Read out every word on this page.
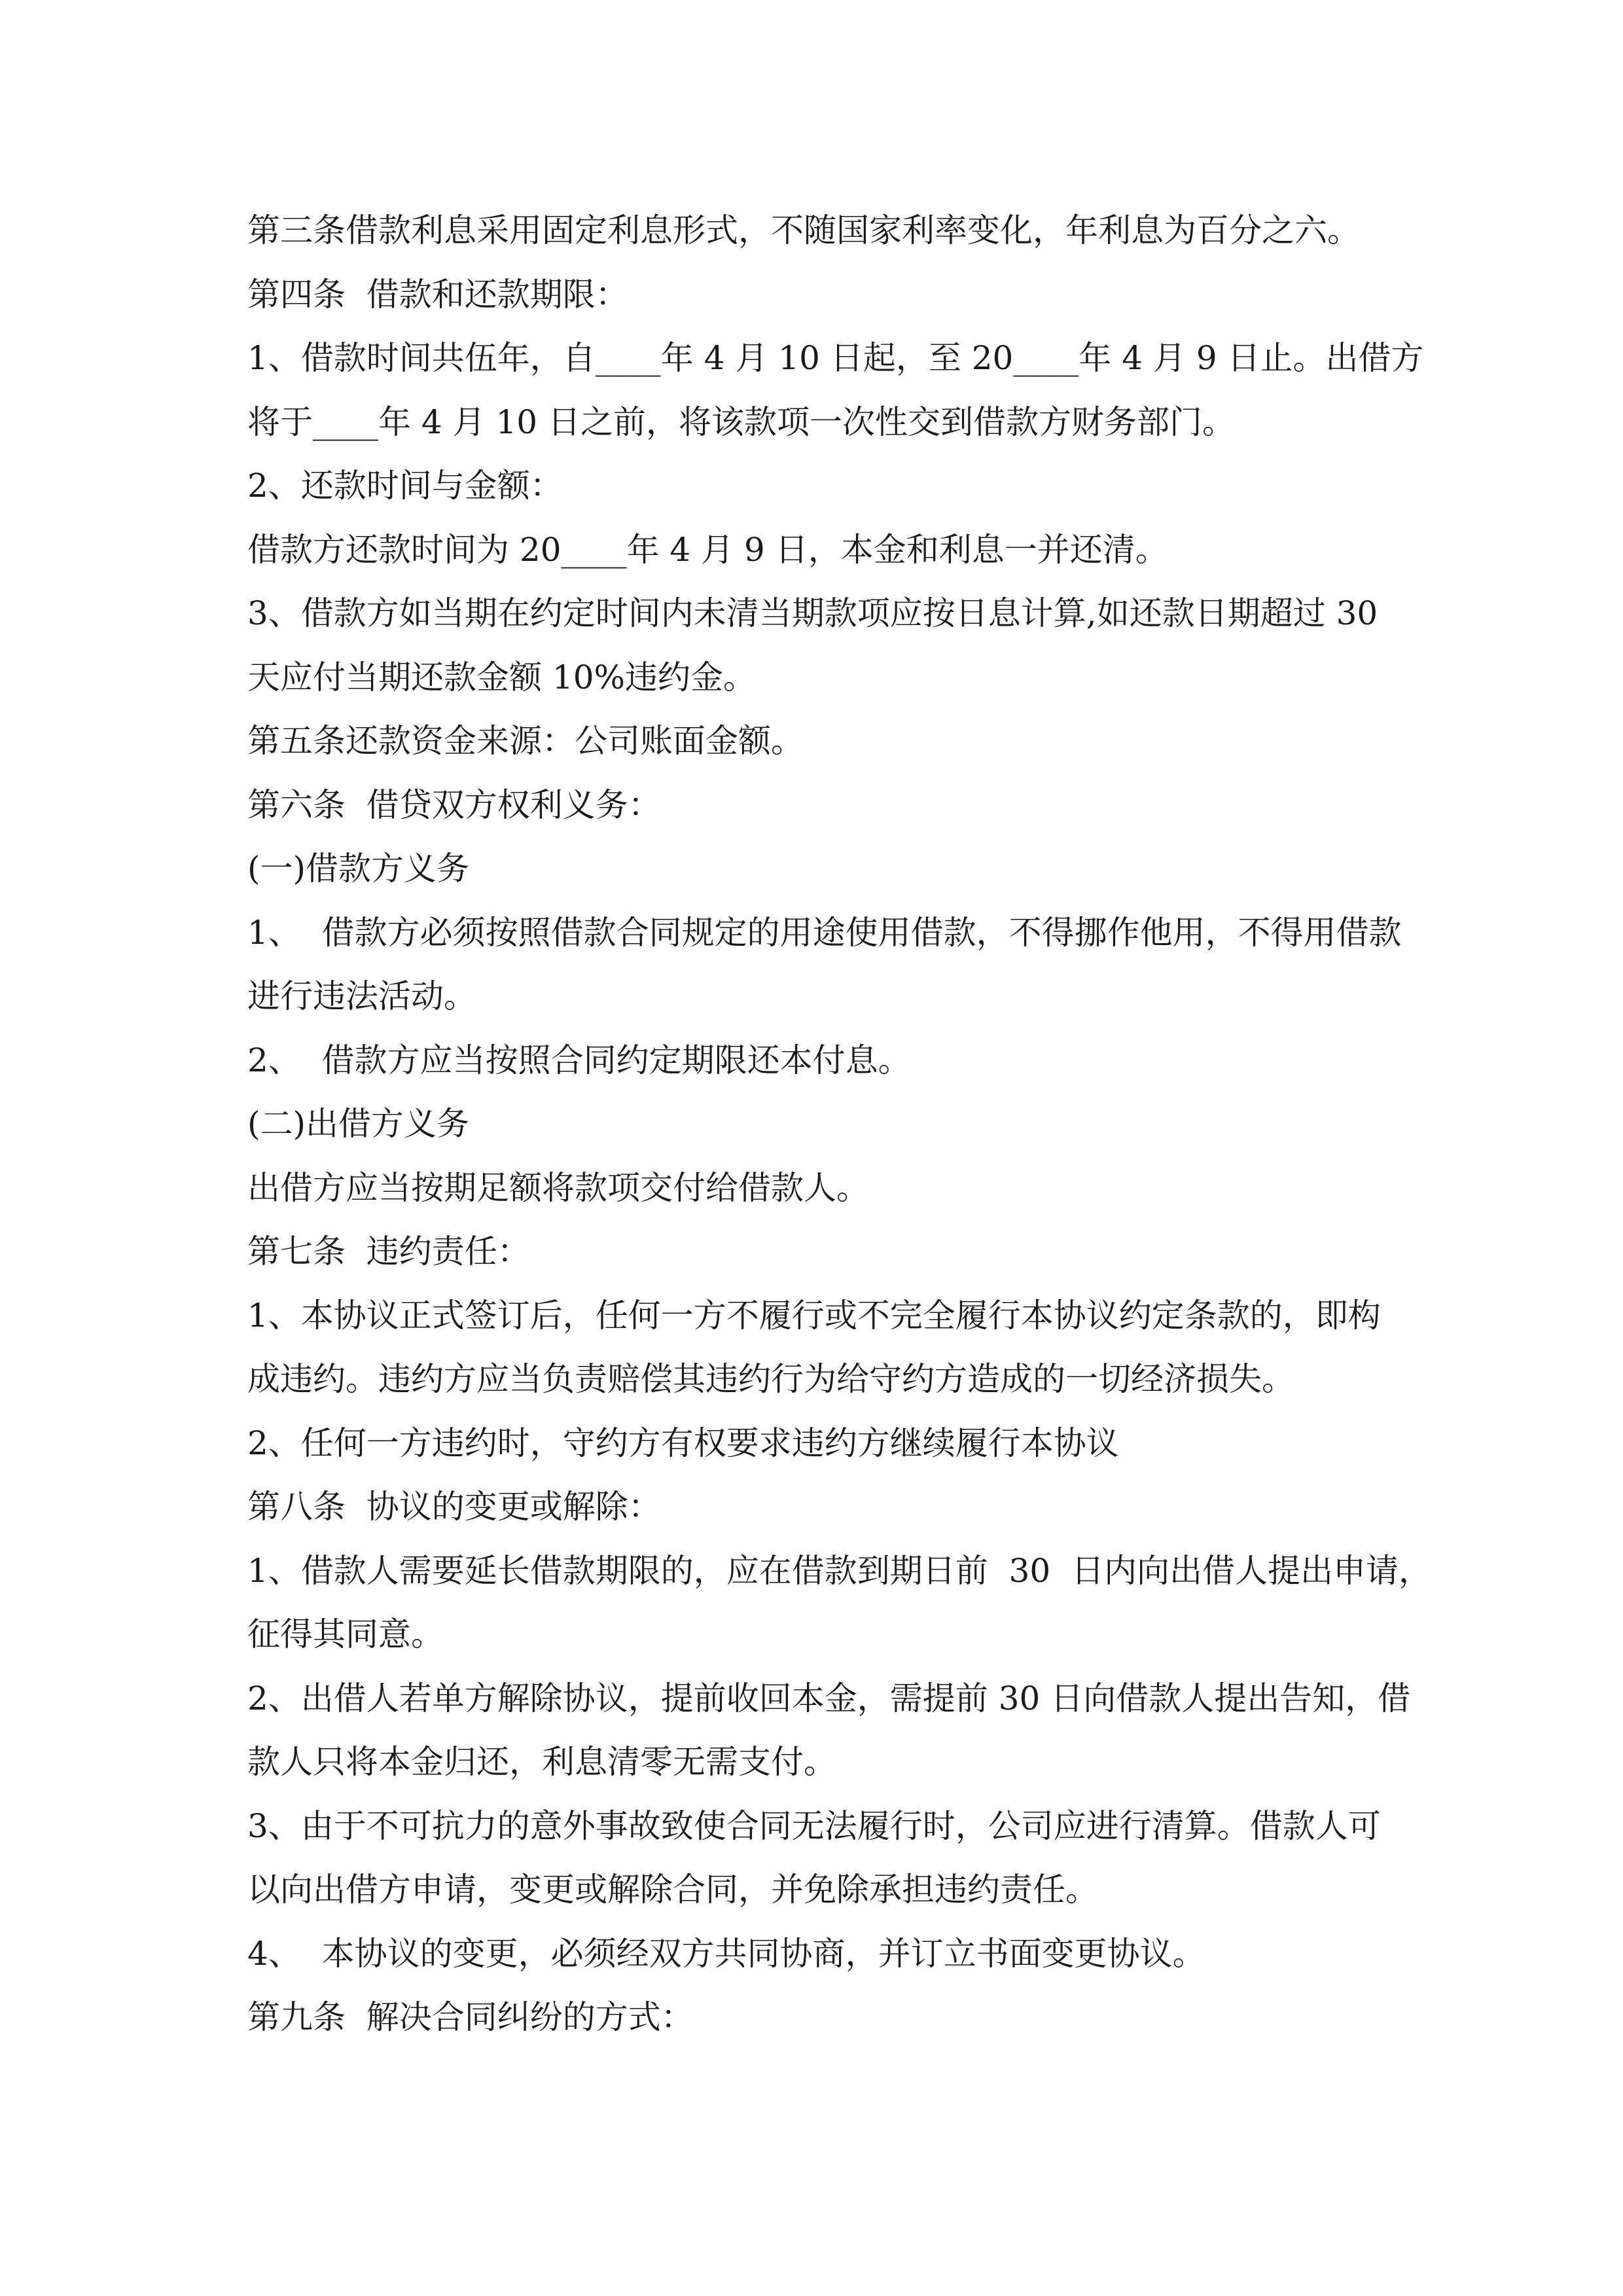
第三条借款利息采用固定利息形式，不随国家利率变化，年利息为百分之六。

第四条  借款和还款期限：

1、借款时间共伍年，自____年 4 月 10 日起，至 20____年 4 月 9 日止。出借方

将于____年 4 月 10 日之前，将该款项一次性交到借款方财务部门。

2、还款时间与金额：

借款方还款时间为 20____年 4 月 9 日，本金和利息一并还清。

3、借款方如当期在约定时间内未清当期款项应按日息计算,如还款日期超过 30

天应付当期还款金额 10%违约金。

第五条还款资金来源：公司账面金额。

第六条  借贷双方权利义务：

(一)借款方义务

1、  借款方必须按照借款合同规定的用途使用借款，不得挪作他用，不得用借款

进行违法活动。

2、  借款方应当按照合同约定期限还本付息。

(二)出借方义务

出借方应当按期足额将款项交付给借款人。

第七条  违约责任：

1、本协议正式签订后，任何一方不履行或不完全履行本协议约定条款的，即构

成违约。违约方应当负责赔偿其违约行为给守约方造成的一切经济损失。

2、任何一方违约时，守约方有权要求违约方继续履行本协议

第八条  协议的变更或解除：

1、借款人需要延长借款期限的，应在借款到期日前  30  日内向出借人提出申请，

征得其同意。

2、出借人若单方解除协议，提前收回本金，需提前 30 日向借款人提出告知，借

款人只将本金归还，利息清零无需支付。

3、由于不可抗力的意外事故致使合同无法履行时，公司应进行清算。借款人可

以向出借方申请，变更或解除合同，并免除承担违约责任。

4、  本协议的变更，必须经双方共同协商，并订立书面变更协议。

第九条  解决合同纠纷的方式：
